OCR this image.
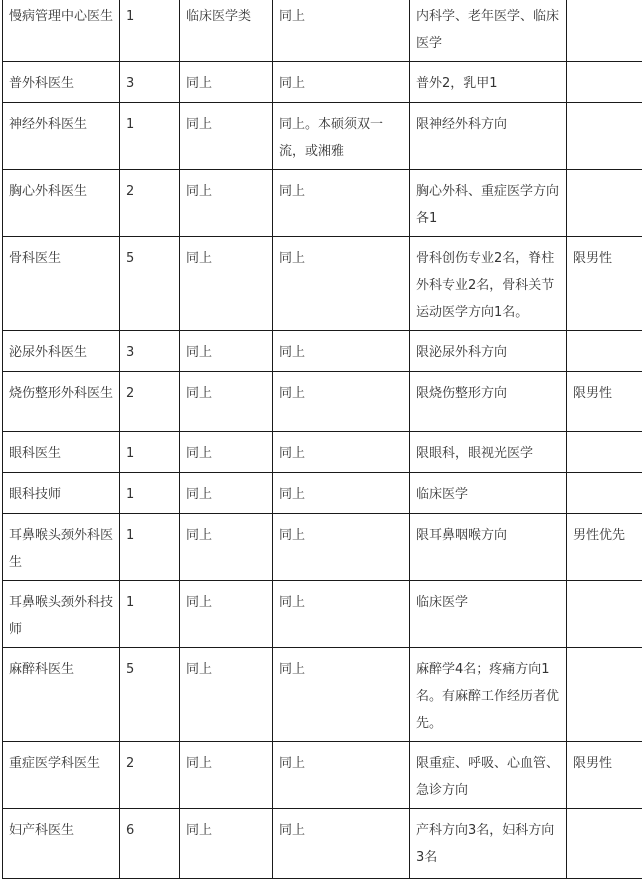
慢病管理中心医生	1	临床医学类	同上	内科学、老年医学、临床医学	
普外科医生	3	同上	同上	普外2，乳甲1	
神经外科医生	1	同上	同上。本硕须双一流，或湘雅	限神经外科方向	
胸心外科医生	2	同上	同上	胸心外科、重症医学方向各1	
骨科医生	5	同上	同上	骨科创伤专业2名，脊柱外科专业2名，骨科关节运动医学方向1名。	限男性
泌尿外科医生	3	同上	同上	限泌尿外科方向	
烧伤整形外科医生	2	同上	同上	限烧伤整形方向	限男性
眼科医生	1	同上	同上	限眼科，眼视光医学	
眼科技师	1	同上	同上	临床医学	
耳鼻喉头颈外科医生	1	同上	同上	限耳鼻咽喉方向	男性优先
耳鼻喉头颈外科技师	1	同上	同上	临床医学	
麻醉科医生	5	同上	同上	麻醉学4名；疼痛方向1名。有麻醉工作经历者优先。	
重症医学科医生	2	同上	同上	限重症、呼吸、心血管、急诊方向	限男性
妇产科医生	6	同上	同上	产科方向3名，妇科方向3名	
